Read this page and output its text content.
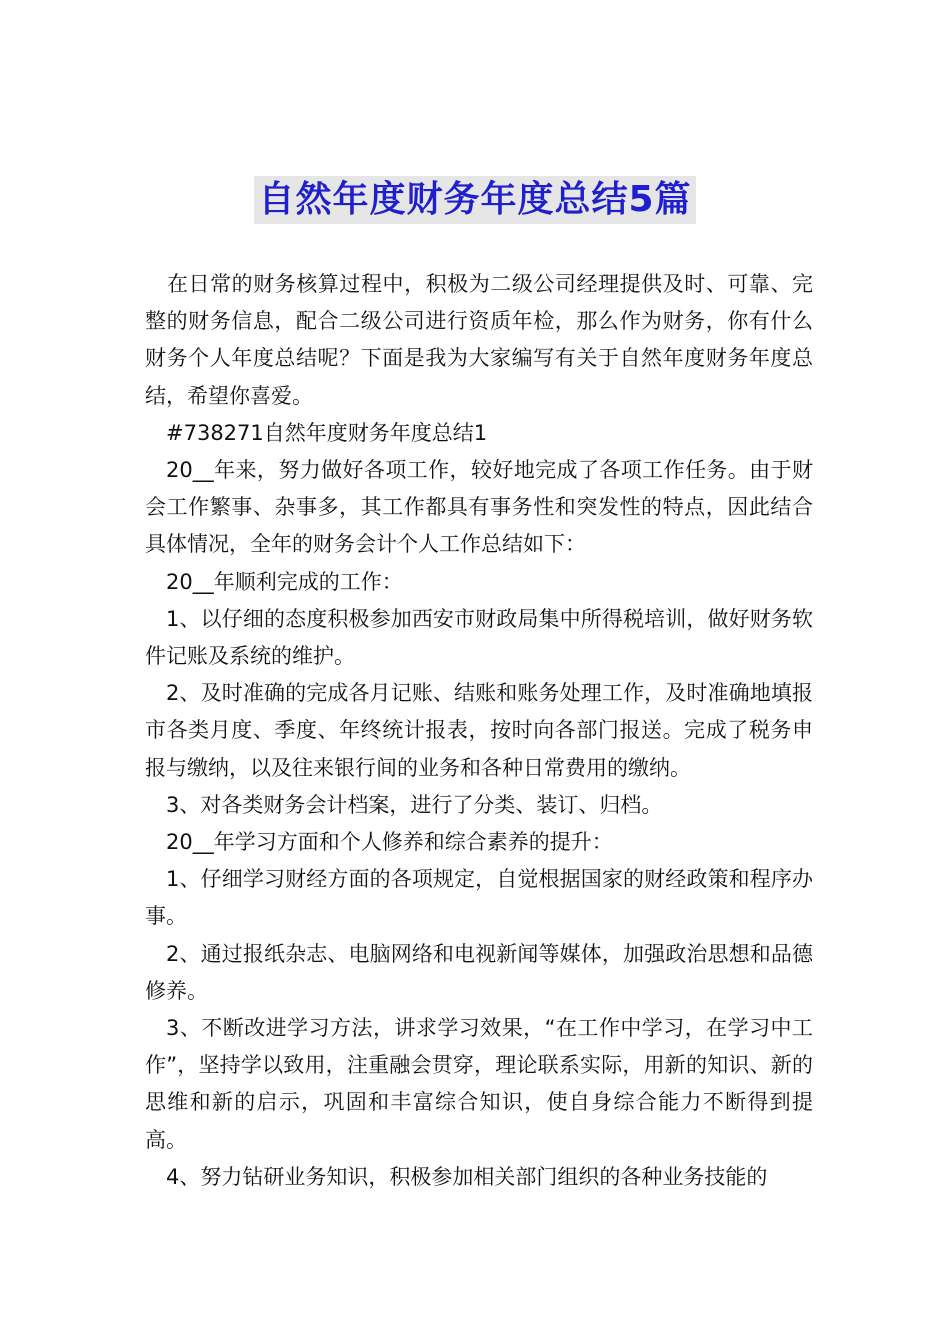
自然年度财务年度总结5篇

在日常的财务核算过程中，积极为二级公司经理提供及时、可靠、完整的财务信息，配合二级公司进行资质年检，那么作为财务，你有什么财务个人年度总结呢？下面是我为大家编写有关于自然年度财务年度总结，希望你喜爱。

#738271自然年度财务年度总结1

20__年来，努力做好各项工作，较好地完成了各项工作任务。由于财会工作繁事、杂事多，其工作都具有事务性和突发性的特点，因此结合具体情况，全年的财务会计个人工作总结如下：

20__年顺利完成的工作：

1、以仔细的态度积极参加西安市财政局集中所得税培训，做好财务软件记账及系统的维护。

2、及时准确的完成各月记账、结账和账务处理工作，及时准确地填报市各类月度、季度、年终统计报表，按时向各部门报送。完成了税务申报与缴纳，以及往来银行间的业务和各种日常费用的缴纳。

3、对各类财务会计档案，进行了分类、装订、归档。

20__年学习方面和个人修养和综合素养的提升：

1、仔细学习财经方面的各项规定，自觉根据国家的财经政策和程序办事。

2、通过报纸杂志、电脑网络和电视新闻等媒体，加强政治思想和品德修养。

3、不断改进学习方法，讲求学习效果，“在工作中学习，在学习中工作”，坚持学以致用，注重融会贯穿，理论联系实际，用新的知识、新的思维和新的启示，巩固和丰富综合知识，使自身综合能力不断得到提高。

4、努力钻研业务知识，积极参加相关部门组织的各种业务技能的
